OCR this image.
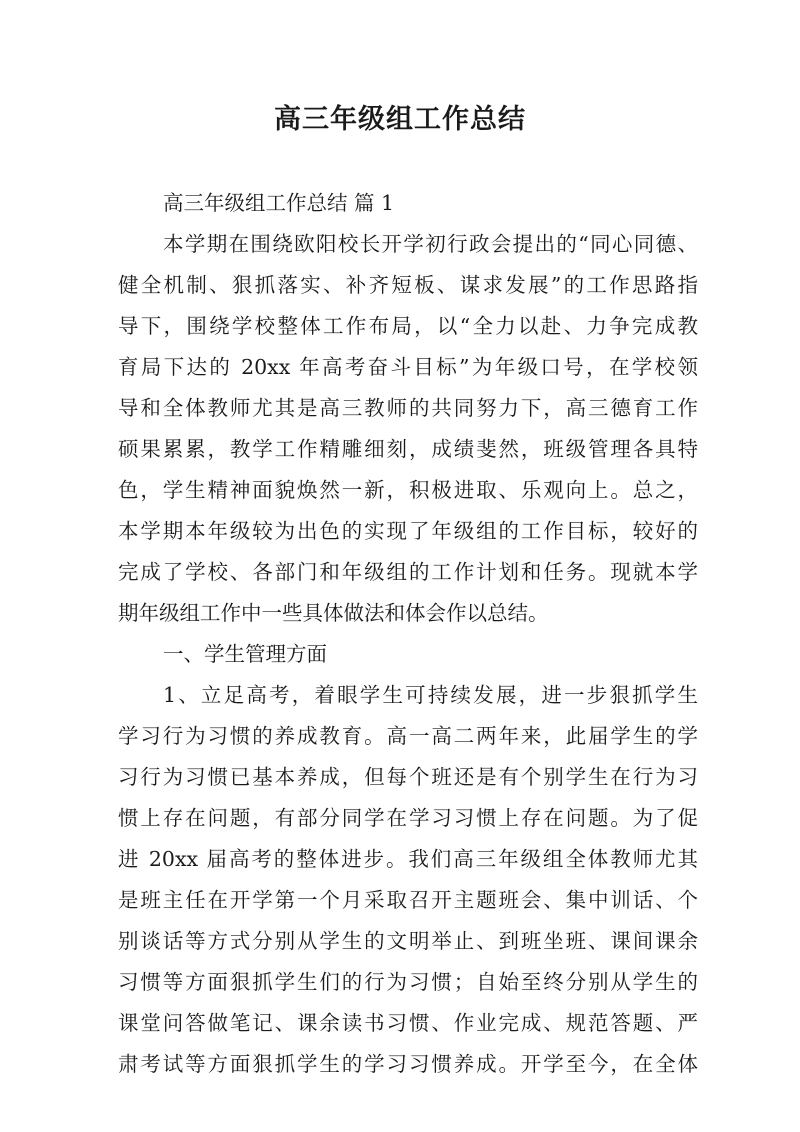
高三年级组工作总结
高三年级组工作总结 篇 1
本学期在围绕欧阳校长开学初行政会提出的“同心同德、
健全机制、狠抓落实、补齐短板、谋求发展”的工作思路指
导下，围绕学校整体工作布局，以“全力以赴、力争完成教
育局下达的 20xx 年高考奋斗目标”为年级口号，在学校领
导和全体教师尤其是高三教师的共同努力下，高三德育工作
硕果累累，教学工作精雕细刻，成绩斐然，班级管理各具特
色，学生精神面貌焕然一新，积极进取、乐观向上。总之，
本学期本年级较为出色的实现了年级组的工作目标，较好的
完成了学校、各部门和年级组的工作计划和任务。现就本学
期年级组工作中一些具体做法和体会作以总结。
一、学生管理方面
1、立足高考，着眼学生可持续发展，进一步狠抓学生
学习行为习惯的养成教育。高一高二两年来，此届学生的学
习行为习惯已基本养成，但每个班还是有个别学生在行为习
惯上存在问题，有部分同学在学习习惯上存在问题。为了促
进 20xx 届高考的整体进步。我们高三年级组全体教师尤其
是班主任在开学第一个月采取召开主题班会、集中训话、个
别谈话等方式分别从学生的文明举止、到班坐班、课间课余
习惯等方面狠抓学生们的行为习惯；自始至终分别从学生的
课堂问答做笔记、课余读书习惯、作业完成、规范答题、严
肃考试等方面狠抓学生的学习习惯养成。开学至今，在全体
